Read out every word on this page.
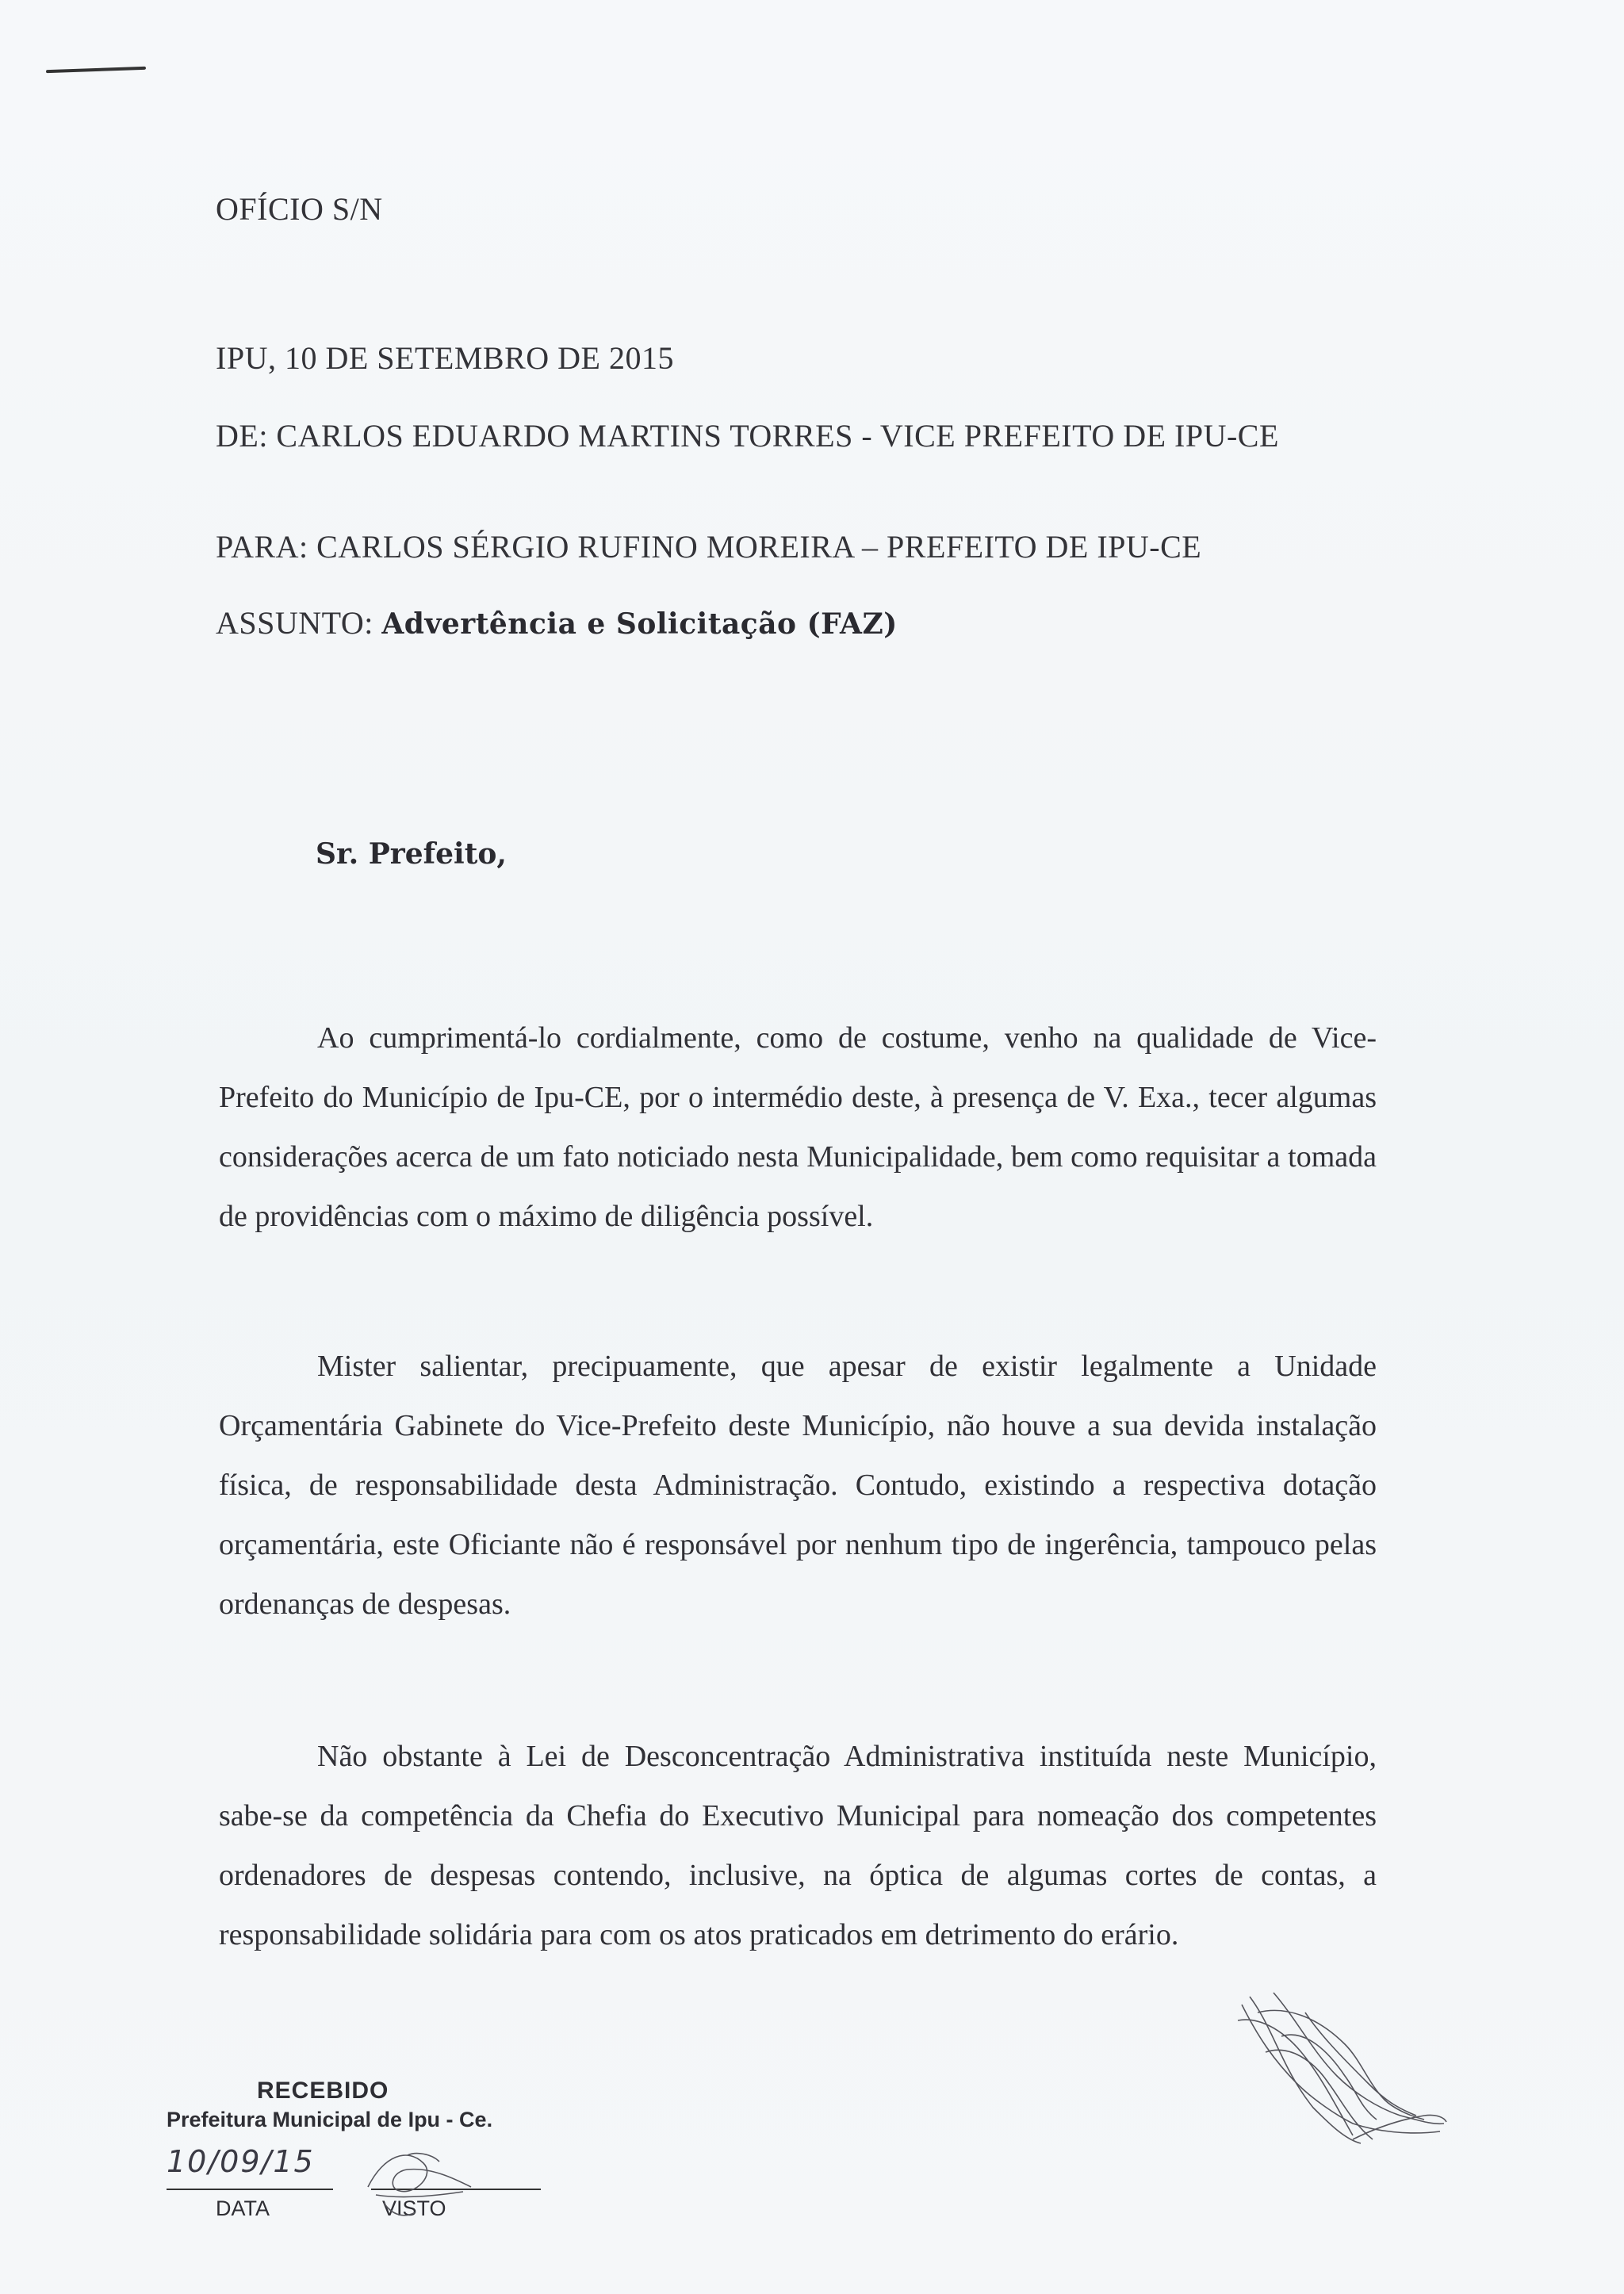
OFÍCIO S/N
IPU, 10 DE SETEMBRO DE 2015
DE: CARLOS EDUARDO MARTINS TORRES - VICE PREFEITO DE IPU-CE
PARA: CARLOS SÉRGIO RUFINO MOREIRA – PREFEITO DE IPU-CE
ASSUNTO: Advertência e Solicitação (FAZ)
Sr. Prefeito,

Ao cumprimentá-lo cordialmente, como de costume, venho na qualidade de Vice-Prefeito do Município de Ipu-CE, por o intermédio deste, à presença de V. Exa., tecer algumas considerações acerca de um fato noticiado nesta Municipalidade, bem como requisitar a tomada de providências com o máximo de diligência possível.

Mister salientar, precipuamente, que apesar de existir legalmente a Unidade Orçamentária Gabinete do Vice-Prefeito deste Município, não houve a sua devida instalação física, de responsabilidade desta Administração. Contudo, existindo a respectiva dotação orçamentária, este Oficiante não é responsável por nenhum tipo de ingerência, tampouco pelas ordenanças de despesas.

Não obstante à Lei de Desconcentração Administrativa instituída neste Município, sabe-se da competência da Chefia do Executivo Municipal para nomeação dos competentes ordenadores de despesas contendo, inclusive, na óptica de algumas cortes de contas, a responsabilidade solidária para com os atos praticados em detrimento do erário.

RECEBIDO
Prefeitura Municipal de Ipu - Ce.
10/09/15
DATA	VISTO
